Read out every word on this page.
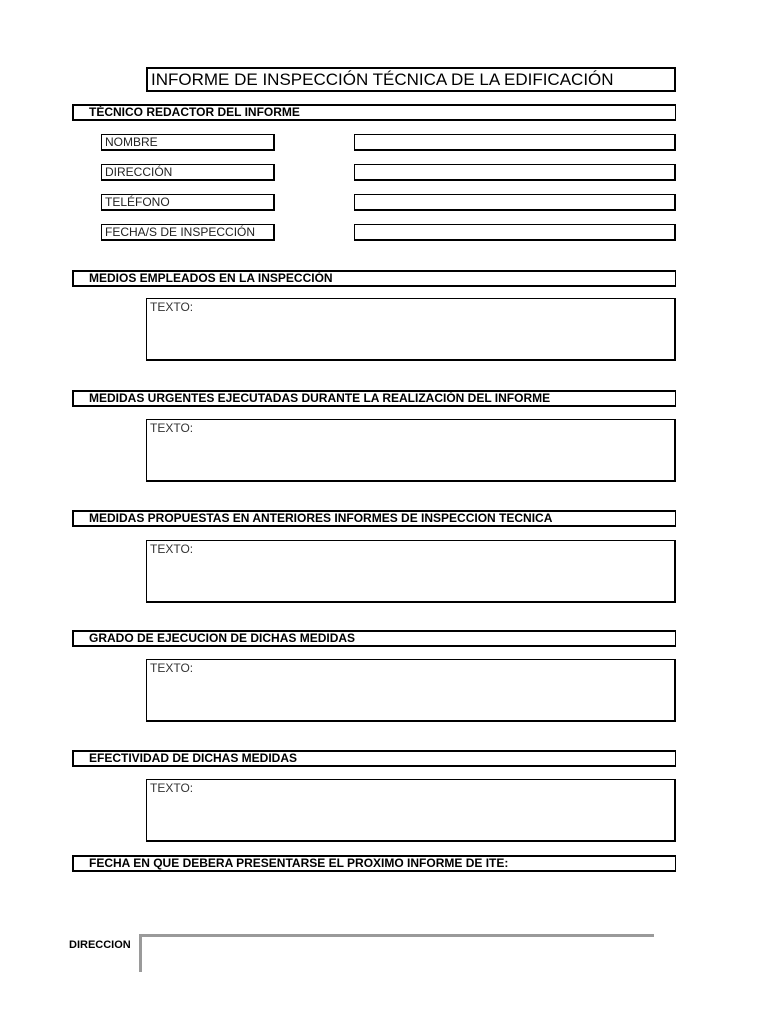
INFORME DE INSPECCIÓN TÉCNICA DE LA EDIFICACIÓN
TÉCNICO REDACTOR DEL INFORME
NOMBRE
DIRECCIÓN
TELÉFONO
FECHA/S DE INSPECCIÓN
MEDIOS EMPLEADOS EN LA INSPECCIÓN
TEXTO:
MEDIDAS URGENTES EJECUTADAS DURANTE LA REALIZACIÓN DEL INFORME
TEXTO:
MEDIDAS PROPUESTAS EN ANTERIORES INFORMES DE INSPECCION TECNICA
TEXTO:
GRADO DE EJECUCION DE DICHAS MEDIDAS
TEXTO:
EFECTIVIDAD DE DICHAS MEDIDAS
TEXTO:
FECHA EN QUE DEBERA PRESENTARSE EL PROXIMO INFORME DE ITE:
DIRECCION
